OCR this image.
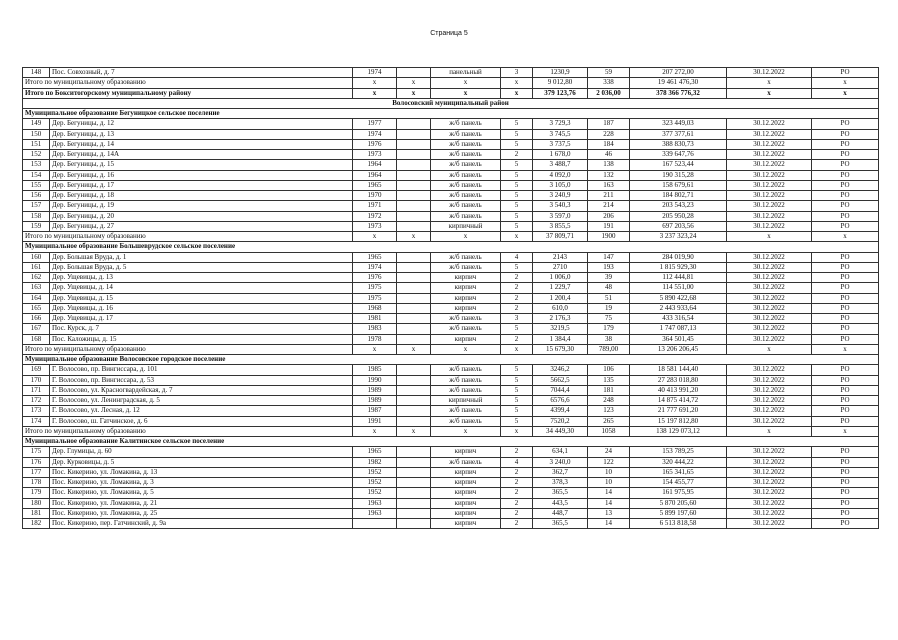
Страница 5
148	Пос. Совхозный, д. 7	1974		панельный	3	1230,9	59	207 272,00	30.12.2022	РО
Итого по муниципальному образованию		x	x	x	x	9 012,80	338	19 461 476,30	x	x
Итого по Бокситогорскому муниципальному району		x	x	x	x	379 123,76	2 036,00	378 366 776,32	x	x
Волосовский муниципальный район										
Муниципальное образование Бегуницкое сельское поселение										
149	Дер. Бегуницы, д. 12	1977		ж/б панель	5	3 729,3	187	323 449,03	30.12.2022	РО
150	Дер. Бегуницы, д. 13	1974		ж/б панель	5	3 745,5	228	377 377,61	30.12.2022	РО
151	Дер. Бегуницы, д. 14	1976		ж/б панель	5	3 737,5	184	388 830,73	30.12.2022	РО
152	Дер. Бегуницы, д. 14А	1973		ж/б панель	2	1 678,0	46	339 647,76	30.12.2022	РО
153	Дер. Бегуницы, д. 15	1964		ж/б панель	5	3 488,7	138	167 523,44	30.12.2022	РО
154	Дер. Бегуницы, д. 16	1964		ж/б панель	5	4 092,0	132	190 315,28	30.12.2022	РО
155	Дер. Бегуницы, д. 17	1965		ж/б панель	5	3 105,0	163	158 679,61	30.12.2022	РО
156	Дер. Бегуницы, д. 18	1970		ж/б панель	5	3 240,9	211	184 802,71	30.12.2022	РО
157	Дер. Бегуницы, д. 19	1971		ж/б панель	5	3 540,3	214	203 543,23	30.12.2022	РО
158	Дер. Бегуницы, д. 20	1972		ж/б панель	5	3 597,0	206	205 950,28	30.12.2022	РО
159	Дер. Бегуницы, д. 27	1973		кирпичный	5	3 855,5	191	697 203,56	30.12.2022	РО
Итого по муниципальному образованию		x	x	x	x	37 809,71	1900	3 237 323,24	x	x
Муниципальное образование Большеврудское сельское поселение										
160	Дер. Большая Вруда, д. 1	1965		ж/б панель	4	2143	147	284 019,90	30.12.2022	РО
161	Дер. Большая Вруда, д. 5	1974		ж/б панель	5	2710	193	1 815 929,30	30.12.2022	РО
162	Дер. Ущевицы, д. 13	1976		кирпич	2	1 006,0	39	112 444,81	30.12.2022	РО
163	Дер. Ущевицы, д. 14	1975		кирпич	2	1 229,7	48	114 551,00	30.12.2022	РО
164	Дер. Ущевицы, д. 15	1975		кирпич	2	1 200,4	51	5 890 422,68	30.12.2022	РО
165	Дер. Ущевицы, д. 16	1968		кирпич	2	610,0	19	2 443 933,64	30.12.2022	РО
166	Дер. Ущевицы, д. 17	1981		ж/б панель	3	2 176,3	75	433 316,54	30.12.2022	РО
167	Пос. Курск, д. 7	1983		ж/б панель	5	3219,5	179	1 747 087,13	30.12.2022	РО
168	Пос. Каложицы, д. 15	1978		кирпич	2	1 384,4	38	364 501,45	30.12.2022	РО
Итого по муниципальному образованию		x	x	x	x	15 679,30	789,00	13 206 206,45	x	x
Муниципальное образование Волосовское городское поселение										
169	Г. Волосово, пр. Вингиссара, д. 101	1985		ж/б панель	5	3246,2	106	18 581 144,40	30.12.2022	РО
170	Г. Волосово, пр. Вингиссара, д. 53	1990		ж/б панель	5	5662,5	135	27 283 018,80	30.12.2022	РО
171	Г. Волосово, ул. Красногвардейская, д. 7	1989		ж/б панель	5	7044,4	181	40 413 991,20	30.12.2022	РО
172	Г. Волосово, ул. Ленинградская, д. 5	1989		кирпичный	5	6576,6	248	14 875 414,72	30.12.2022	РО
173	Г. Волосово, ул. Лесная, д. 12	1987		ж/б панель	5	4399,4	123	21 777 691,20	30.12.2022	РО
174	Г. Волосово, ш. Гатчинское, д. 6	1991		ж/б панель	5	7520,2	265	15 197 812,80	30.12.2022	РО
Итого по муниципальному образованию		x	x	x	x	34 449,30	1058	138 129 073,12	x	x
Муниципальное образование Калитинское сельское поселение										
175	Дер. Глумицы, д. 60	1965		кирпич	2	634,1	24	153 789,25	30.12.2022	РО
176	Дер. Курковицы, д. 5	1982		ж/б панель	4	3 240,0	122	320 444,22	30.12.2022	РО
177	Пос. Кикерино, ул. Ломакина, д. 13	1952		кирпич	2	362,7	10	165 341,65	30.12.2022	РО
178	Пос. Кикерино, ул. Ломакина, д. 3	1952		кирпич	2	378,3	10	154 455,77	30.12.2022	РО
179	Пос. Кикерино, ул. Ломакина, д. 5	1952		кирпич	2	365,5	14	161 975,95	30.12.2022	РО
180	Пос. Кикерино, ул. Ломакина, д. 21	1963		кирпич	2	443,5	14	5 870 205,60	30.12.2022	РО
181	Пос. Кикерино, ул. Ломакина, д. 25	1963		кирпич	2	448,7	13	5 899 197,60	30.12.2022	РО
182	Пос. Кикерино, пер. Гатчинский, д. 9а			кирпич	2	365,5	14	6 513 818,58	30.12.2022	РО
